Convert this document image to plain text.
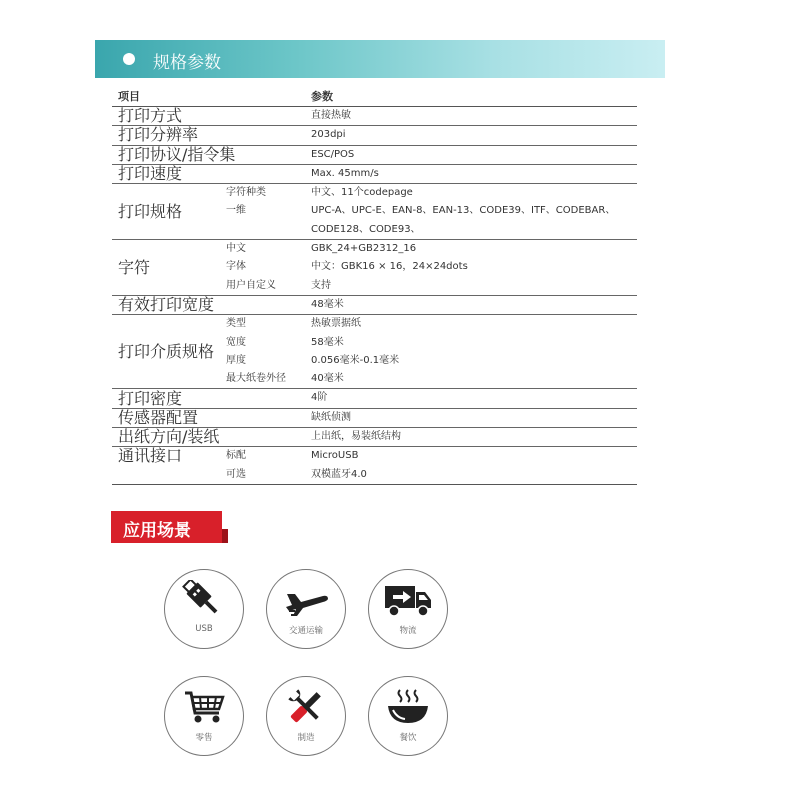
规格参数
项目	参数
打印方式	直接热敏
打印分辨率	203dpi
打印协议/指令集	ESC/POS
打印速度	Max. 45mm/s
打印规格
字符种类	中文、11个codepage
一维	UPC-A、UPC-E、EAN-8、EAN-13、CODE39、ITF、CODEBAR、
CODE128、CODE93、
字符
中文	GBK_24+GB2312_16
字体	中文：GBK16 × 16，24×24dots
用户自定义	支持
有效打印宽度	48毫米
打印介质规格
类型	热敏票据纸
宽度	58毫米
厚度	0.056毫米-0.1毫米
最大纸卷外径	40毫米
打印密度	4阶
传感器配置	缺纸侦测
出纸方向/装纸	上出纸，易装纸结构
通讯接口	标配	MicroUSB
可选	双模蓝牙4.0
应用场景
USB	交通运输	物流
零售	制造	餐饮
